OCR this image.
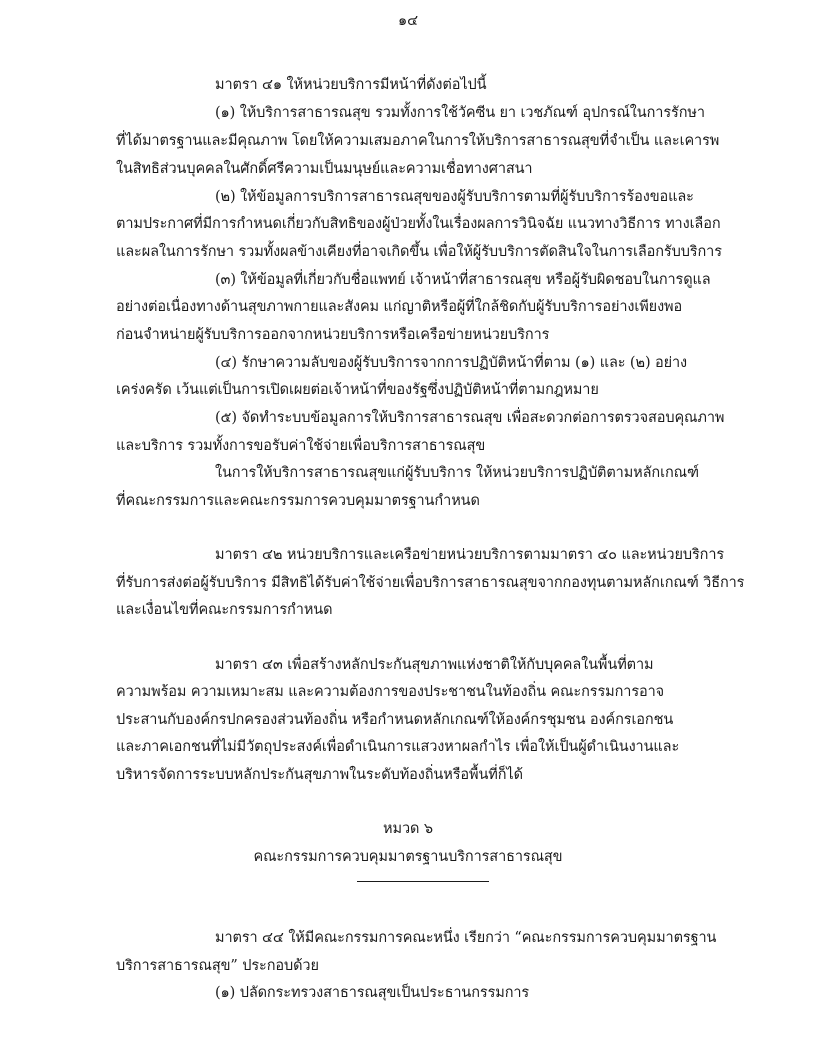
๑๔
มาตรา ๔๑ ให้หน่วยบริการมีหน้าที่ดังต่อไปนี้
(๑) ให้บริการสาธารณสุข รวมทั้งการใช้วัคซีน ยา เวชภัณฑ์ อุปกรณ์ในการรักษา
ที่ได้มาตรฐานและมีคุณภาพ โดยให้ความเสมอภาคในการให้บริการสาธารณสุขที่จำเป็น และเคารพ
ในสิทธิส่วนบุคคลในศักดิ์ศรีความเป็นมนุษย์และความเชื่อทางศาสนา
(๒) ให้ข้อมูลการบริการสาธารณสุขของผู้รับบริการตามที่ผู้รับบริการร้องขอและ
ตามประกาศที่มีการกำหนดเกี่ยวกับสิทธิของผู้ป่วยทั้งในเรื่องผลการวินิจฉัย แนวทางวิธีการ ทางเลือก
และผลในการรักษา รวมทั้งผลข้างเคียงที่อาจเกิดขึ้น เพื่อให้ผู้รับบริการตัดสินใจในการเลือกรับบริการ
(๓) ให้ข้อมูลที่เกี่ยวกับชื่อแพทย์ เจ้าหน้าที่สาธารณสุข หรือผู้รับผิดชอบในการดูแล
อย่างต่อเนื่องทางด้านสุขภาพกายและสังคม แก่ญาติหรือผู้ที่ใกล้ชิดกับผู้รับบริการอย่างเพียงพอ
ก่อนจำหน่ายผู้รับบริการออกจากหน่วยบริการหรือเครือข่ายหน่วยบริการ
(๔) รักษาความลับของผู้รับบริการจากการปฏิบัติหน้าที่ตาม (๑) และ (๒) อย่าง
เคร่งครัด เว้นแต่เป็นการเปิดเผยต่อเจ้าหน้าที่ของรัฐซึ่งปฏิบัติหน้าที่ตามกฎหมาย
(๕) จัดทำระบบข้อมูลการให้บริการสาธารณสุข เพื่อสะดวกต่อการตรวจสอบคุณภาพ
และบริการ รวมทั้งการขอรับค่าใช้จ่ายเพื่อบริการสาธารณสุข
ในการให้บริการสาธารณสุขแก่ผู้รับบริการ ให้หน่วยบริการปฏิบัติตามหลักเกณฑ์
ที่คณะกรรมการและคณะกรรมการควบคุมมาตรฐานกำหนด
มาตรา ๔๒ หน่วยบริการและเครือข่ายหน่วยบริการตามมาตรา ๔๐ และหน่วยบริการ
ที่รับการส่งต่อผู้รับบริการ มีสิทธิได้รับค่าใช้จ่ายเพื่อบริการสาธารณสุขจากกองทุนตามหลักเกณฑ์ วิธีการ
และเงื่อนไขที่คณะกรรมการกำหนด
มาตรา ๔๓ เพื่อสร้างหลักประกันสุขภาพแห่งชาติให้กับบุคคลในพื้นที่ตาม
ความพร้อม ความเหมาะสม และความต้องการของประชาชนในท้องถิ่น คณะกรรมการอาจ
ประสานกับองค์กรปกครองส่วนท้องถิ่น หรือกำหนดหลักเกณฑ์ให้องค์กรชุมชน องค์กรเอกชน
และภาคเอกชนที่ไม่มีวัตถุประสงค์เพื่อดำเนินการแสวงหาผลกำไร เพื่อให้เป็นผู้ดำเนินงานและ
บริหารจัดการระบบหลักประกันสุขภาพในระดับท้องถิ่นหรือพื้นที่ก็ได้
หมวด ๖
คณะกรรมการควบคุมมาตรฐานบริการสาธารณสุข
มาตรา ๔๔ ให้มีคณะกรรมการคณะหนึ่ง เรียกว่า “คณะกรรมการควบคุมมาตรฐาน
บริการสาธารณสุข” ประกอบด้วย
(๑) ปลัดกระทรวงสาธารณสุขเป็นประธานกรรมการ
